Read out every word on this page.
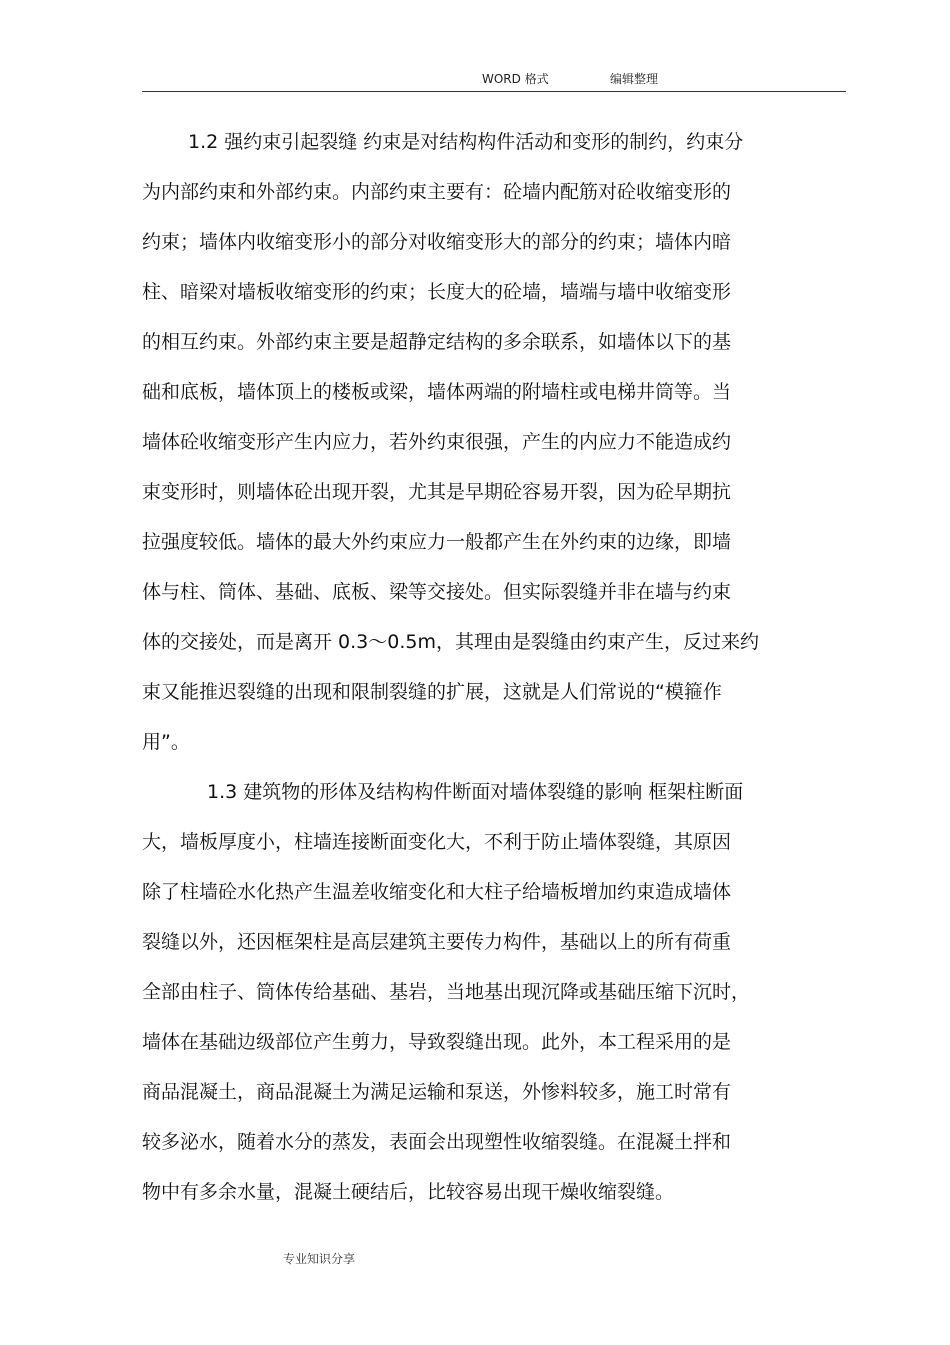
WORD 格式	编辑整理
1.2 强约束引起裂缝 约束是对结构构件活动和变形的制约，约束分
为内部约束和外部约束。内部约束主要有：砼墙内配筋对砼收缩变形的
约束；墙体内收缩变形小的部分对收缩变形大的部分的约束；墙体内暗
柱、暗梁对墙板收缩变形的约束；长度大的砼墙，墙端与墙中收缩变形
的相互约束。外部约束主要是超静定结构的多余联系，如墙体以下的基
础和底板，墙体顶上的楼板或梁，墙体两端的附墙柱或电梯井筒等。当
墙体砼收缩变形产生内应力，若外约束很强，产生的内应力不能造成约
束变形时，则墙体砼出现开裂，尤其是早期砼容易开裂，因为砼早期抗
拉强度较低。墙体的最大外约束应力一般都产生在外约束的边缘，即墙
体与柱、筒体、基础、底板、梁等交接处。但实际裂缝并非在墙与约束
体的交接处，而是离开 0.3～0.5m，其理由是裂缝由约束产生，反过来约
束又能推迟裂缝的出现和限制裂缝的扩展，这就是人们常说的“模箍作
用”。
1.3 建筑物的形体及结构构件断面对墙体裂缝的影响 框架柱断面
大，墙板厚度小，柱墙连接断面变化大，不利于防止墙体裂缝，其原因
除了柱墙砼水化热产生温差收缩变化和大柱子给墙板增加约束造成墙体
裂缝以外，还因框架柱是高层建筑主要传力构件，基础以上的所有荷重
全部由柱子、筒体传给基础、基岩，当地基出现沉降或基础压缩下沉时，
墙体在基础边级部位产生剪力，导致裂缝出现。此外，本工程采用的是
商品混凝土，商品混凝土为满足运输和泵送，外惨料较多，施工时常有
较多泌水，随着水分的蒸发，表面会出现塑性收缩裂缝。在混凝土拌和
物中有多余水量，混凝土硬结后，比较容易出现干燥收缩裂缝。
专业知识分享
